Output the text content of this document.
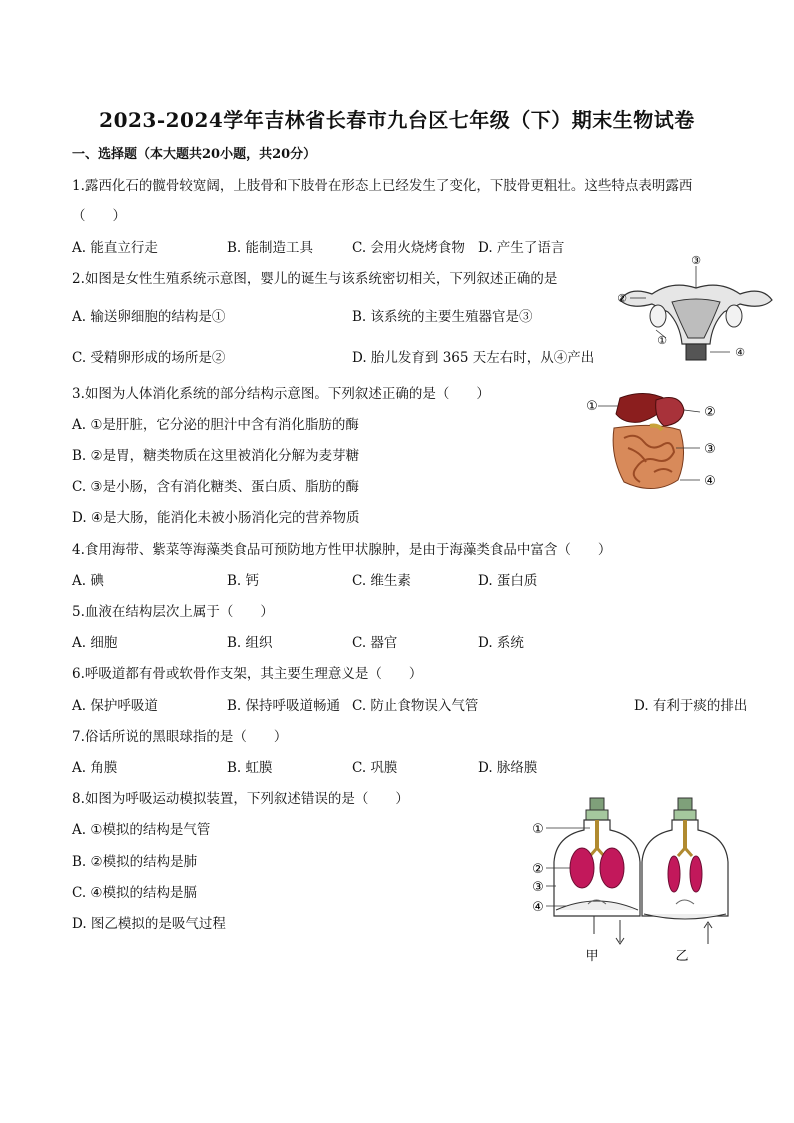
2023-2024学年吉林省长春市九台区七年级（下）期末生物试卷
一、选择题（本大题共20小题，共20分）
1.露西化石的髋骨较宽阔，上肢骨和下肢骨在形态上已经发生了变化，下肢骨更粗壮。这些特点表明露西
（　　）
A. 能直立行走	B. 能制造工具	C. 会用火烧烤食物 D. 产生了语言
2.如图是女性生殖系统示意图，婴儿的诞生与该系统密切相关，下列叙述正确的是
A. 输送卵细胞的结构是①	B. 该系统的主要生殖器官是③
C. 受精卵形成的场所是②	D. 胎儿发育到 365 天左右时，从④产出
③
②
①
④
3.如图为人体消化系统的部分结构示意图。下列叙述正确的是（　　）
A. ①是肝脏，它分泌的胆汁中含有消化脂肪的酶
B. ②是胃，糖类物质在这里被消化分解为麦芽糖
C. ③是小肠，含有消化糖类、蛋白质、脂肪的酶
D. ④是大肠，能消化未被小肠消化完的营养物质
①	②
③
④
4.食用海带、紫菜等海藻类食品可预防地方性甲状腺肿，是由于海藻类食品中富含（　　）
A. 碘	B. 钙	C. 维生素	D. 蛋白质
5.血液在结构层次上属于（　　）
A. 细胞	B. 组织	C. 器官	D. 系统
6.呼吸道都有骨或软骨作支架，其主要生理意义是（　　）
A. 保护呼吸道	B. 保持呼吸道畅通 C. 防止食物误入气管	D. 有利于痰的排出
7.俗话所说的黑眼球指的是（　　）
A. 角膜	B. 虹膜	C. 巩膜	D. 脉络膜
8.如图为呼吸运动模拟装置，下列叙述错误的是（　　）
A. ①模拟的结构是气管
B. ②模拟的结构是肺
C. ④模拟的结构是膈
D. 图乙模拟的是吸气过程
①
②
③
④
甲	乙
